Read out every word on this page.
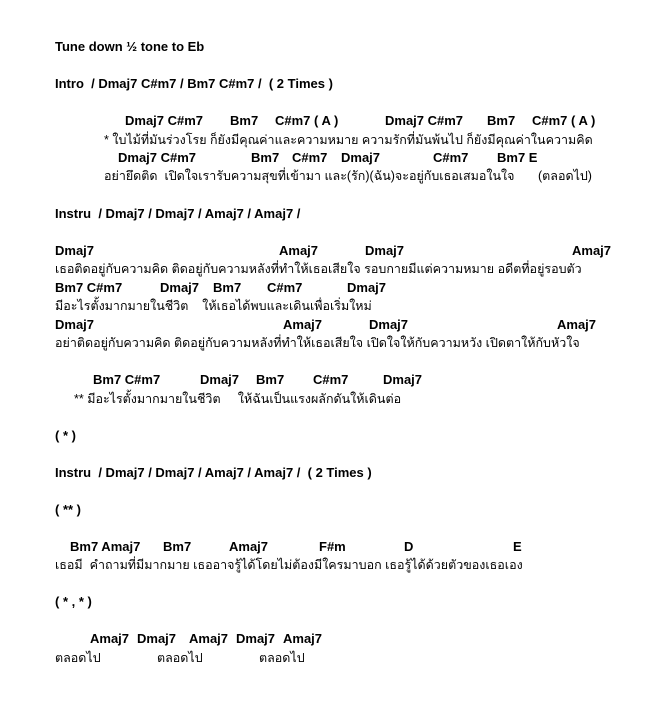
Tune down ½ tone to Eb
Intro  / Dmaj7 C#m7 / Bm7 C#m7 /  ( 2 Times )
Dmaj7 C#m7 Bm7 C#m7 ( A )	Dmaj7 C#m7 Bm7 C#m7 ( A )
* ใบไม้ที่มันร่วงโรย ก็ยังมีคุณค่าและความหมาย ความรักที่มันพ้นไป ก็ยังมีคุณค่าในความคิด
Dmaj7 C#m7	Bm7 C#m7 Dmaj7	C#m7 Bm7 E
อย่ายึดติด  เปิดใจเรารับความสุขที่เข้ามา และ(รัก)(ฉัน)จะอยู่กับเธอเสมอในใจ (ตลอดไป)
Instru  / Dmaj7 / Dmaj7 / Amaj7 / Amaj7 /
Dmaj7	Amaj7	Dmaj7	Amaj7
เธอติดอยู่กับความคิด ติดอยู่กับความหลังที่ทำให้เธอเสียใจ รอบกายมีแต่ความหมาย อดีตที่อยู่รอบตัว
Bm7 C#m7	Dmaj7 Bm7 C#m7	Dmaj7
มีอะไรตั้งมากมายในชีวิต    ให้เธอได้พบและเดินเพื่อเริ่มใหม่
Dmaj7	Amaj7	Dmaj7	Amaj7
อย่าติดอยู่กับความคิด ติดอยู่กับความหลังที่ทำให้เธอเสียใจ เปิดใจให้กับความหวัง เปิดตาให้กับหัวใจ
Bm7 C#m7	Dmaj7 Bm7 C#m7	Dmaj7
** มีอะไรตั้งมากมายในชีวิต     ให้ฉันเป็นแรงผลักดันให้เดินต่อ
( * )
Instru  / Dmaj7 / Dmaj7 / Amaj7 / Amaj7 /  ( 2 Times )
( ** )
Bm7 Amaj7 Bm7	Amaj7	F#m	D	E
เธอมี  คำถามที่มีมากมาย เธออาจรู้ได้โดยไม่ต้องมีใครมาบอก เธอรู้ได้ด้วยตัวของเธอเอง
( * , * )
Amaj7 Dmaj7 Amaj7 Dmaj7 Amaj7
ตลอดไป	ตลอดไป	ตลอดไป
